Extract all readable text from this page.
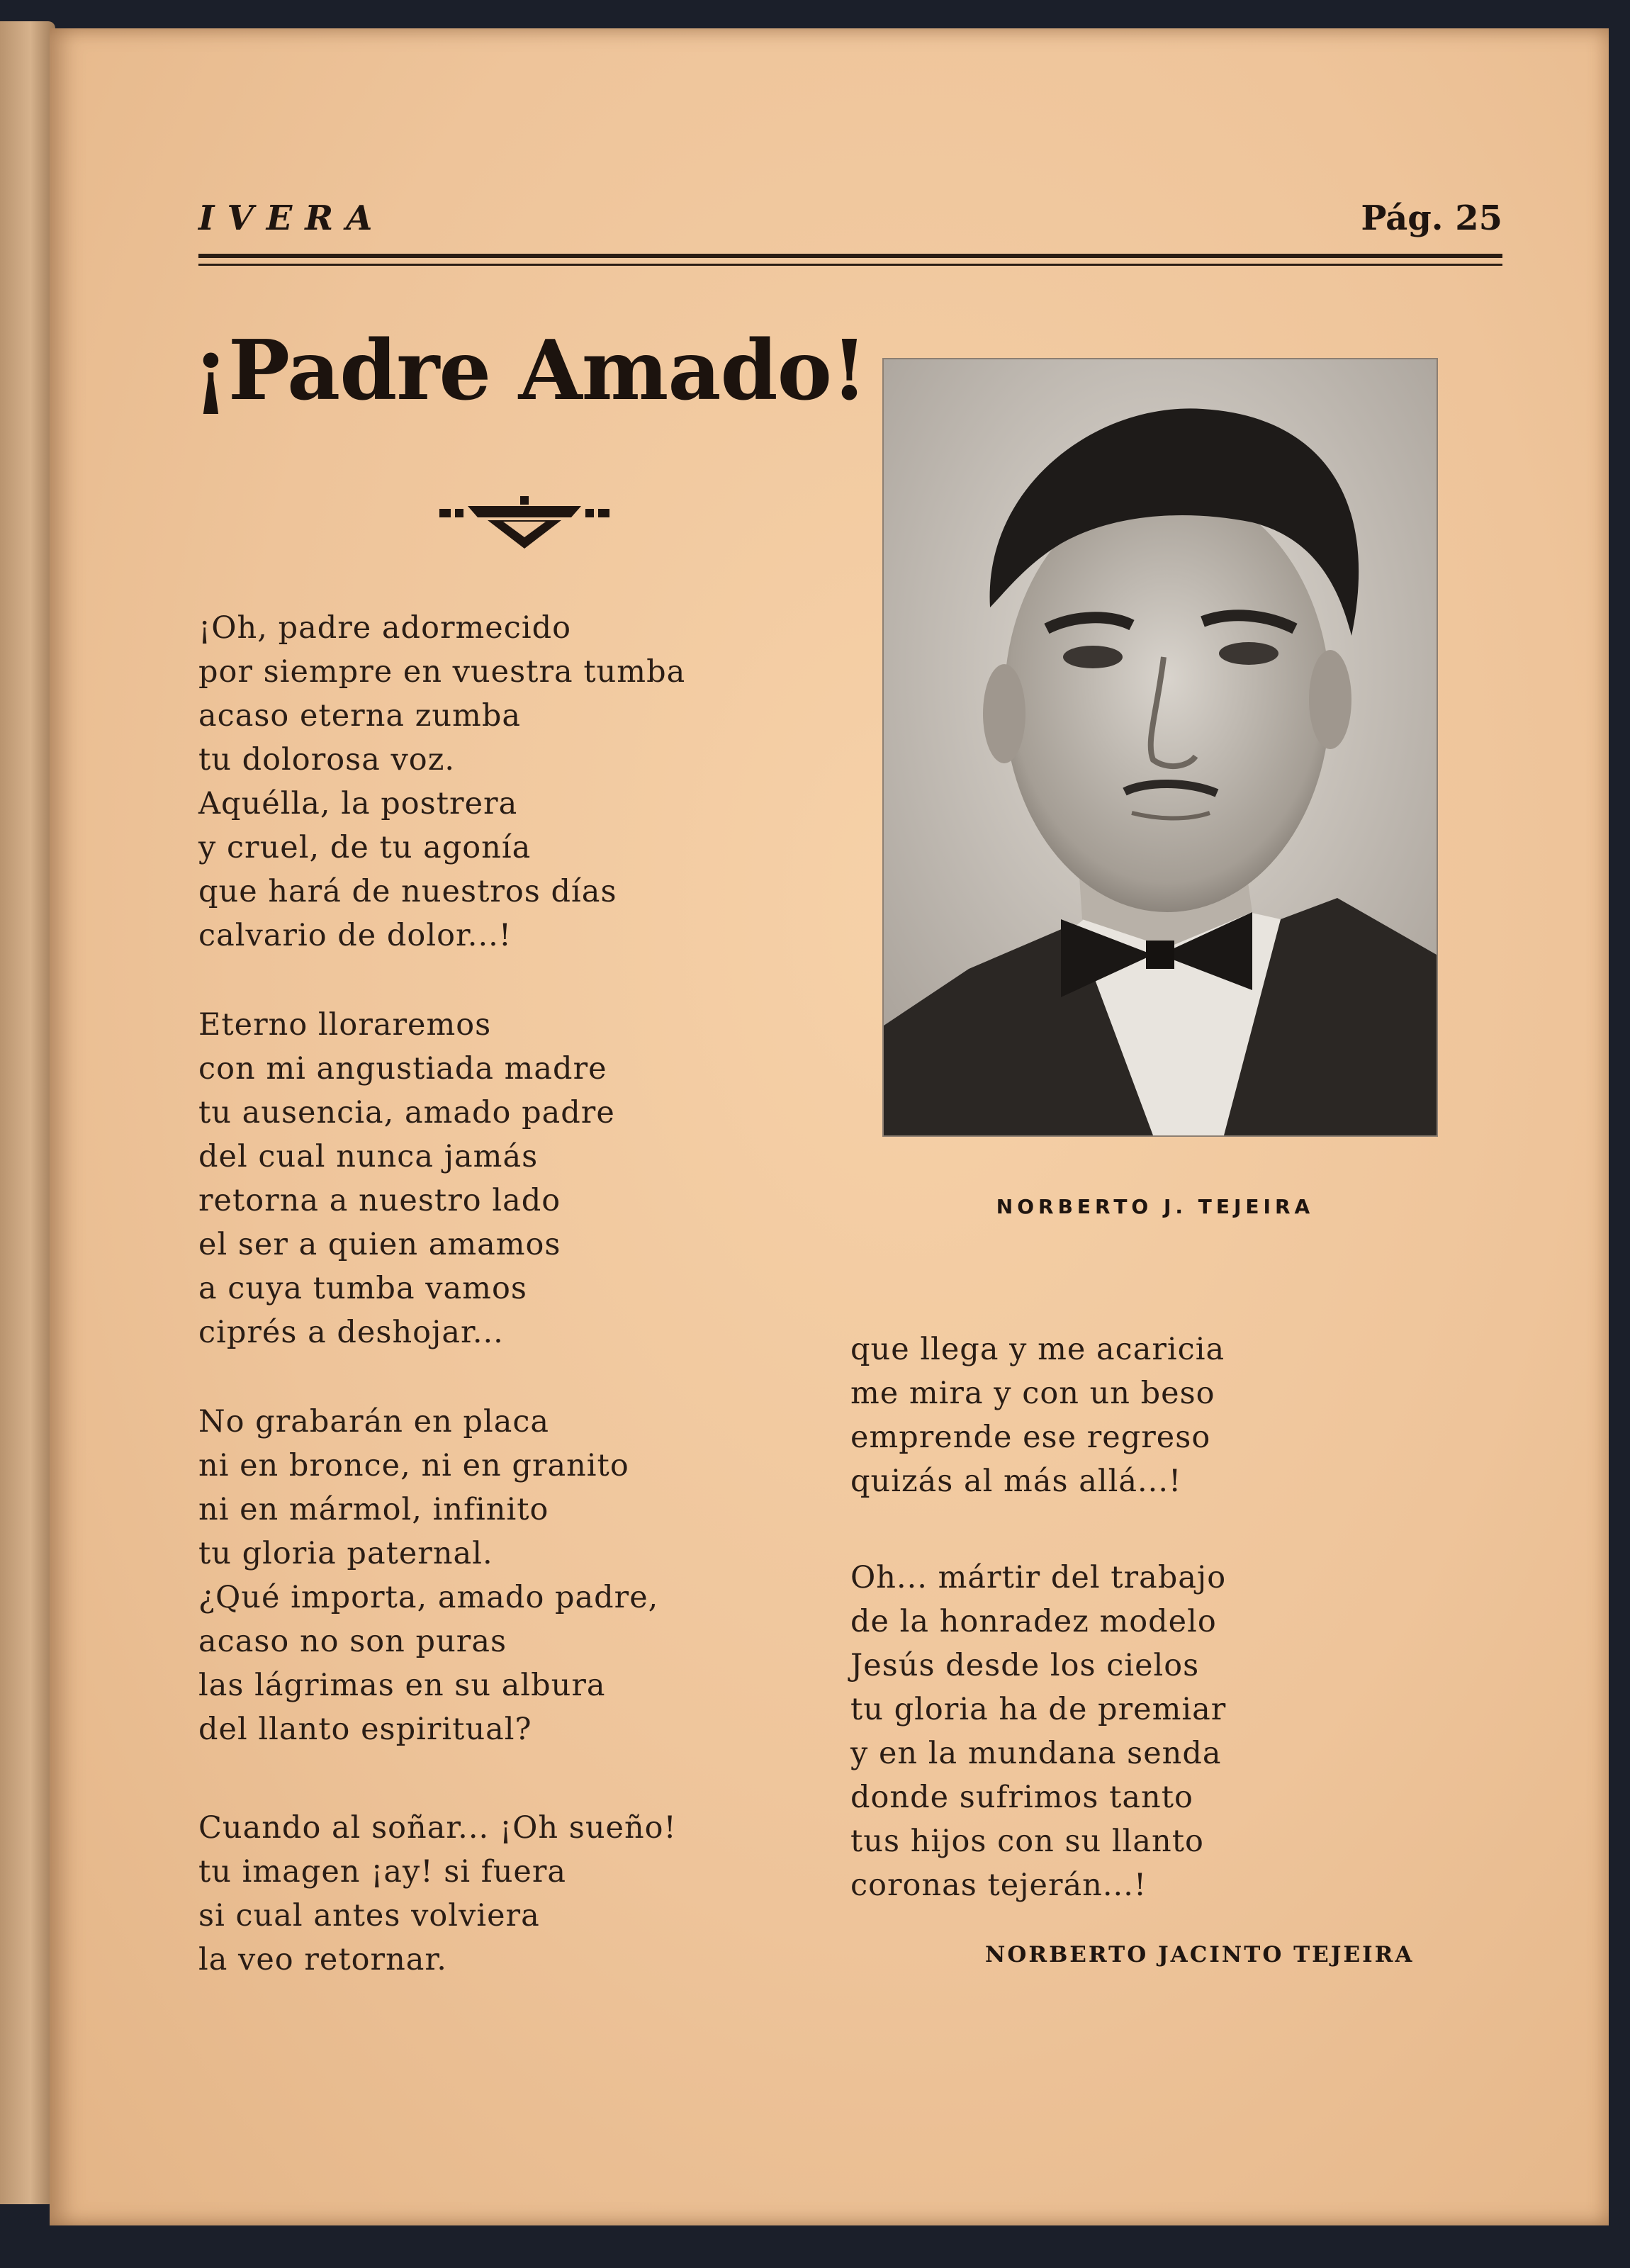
IVERA	Pág. 25
¡Padre Amado!
¡Oh, padre adormecido
por siempre en vuestra tumba
acaso eterna zumba
tu dolorosa voz.
Aquélla, la postrera
y cruel, de tu agonía
que hará de nuestros días
calvario de dolor...!
Eterno lloraremos
con mi angustiada madre
tu ausencia, amado padre
del cual nunca jamás
retorna a nuestro lado
el ser a quien amamos
a cuya tumba vamos
ciprés a deshojar...
No grabarán en placa
ni en bronce, ni en granito
ni en mármol, infinito
tu gloria paternal.
¿Qué importa, amado padre,
acaso no son puras
las lágrimas en su albura
del llanto espiritual?
Cuando al soñar... ¡Oh sueño!
tu imagen ¡ay! si fuera
si cual antes volviera
la veo retornar.
NORBERTO J. TEJEIRA
que llega y me acaricia
me mira y con un beso
emprende ese regreso
quizás al más allá...!
Oh... mártir del trabajo
de la honradez modelo
Jesús desde los cielos
tu gloria ha de premiar
y en la mundana senda
donde sufrimos tanto
tus hijos con su llanto
coronas tejerán...!
NORBERTO JACINTO TEJEIRA
